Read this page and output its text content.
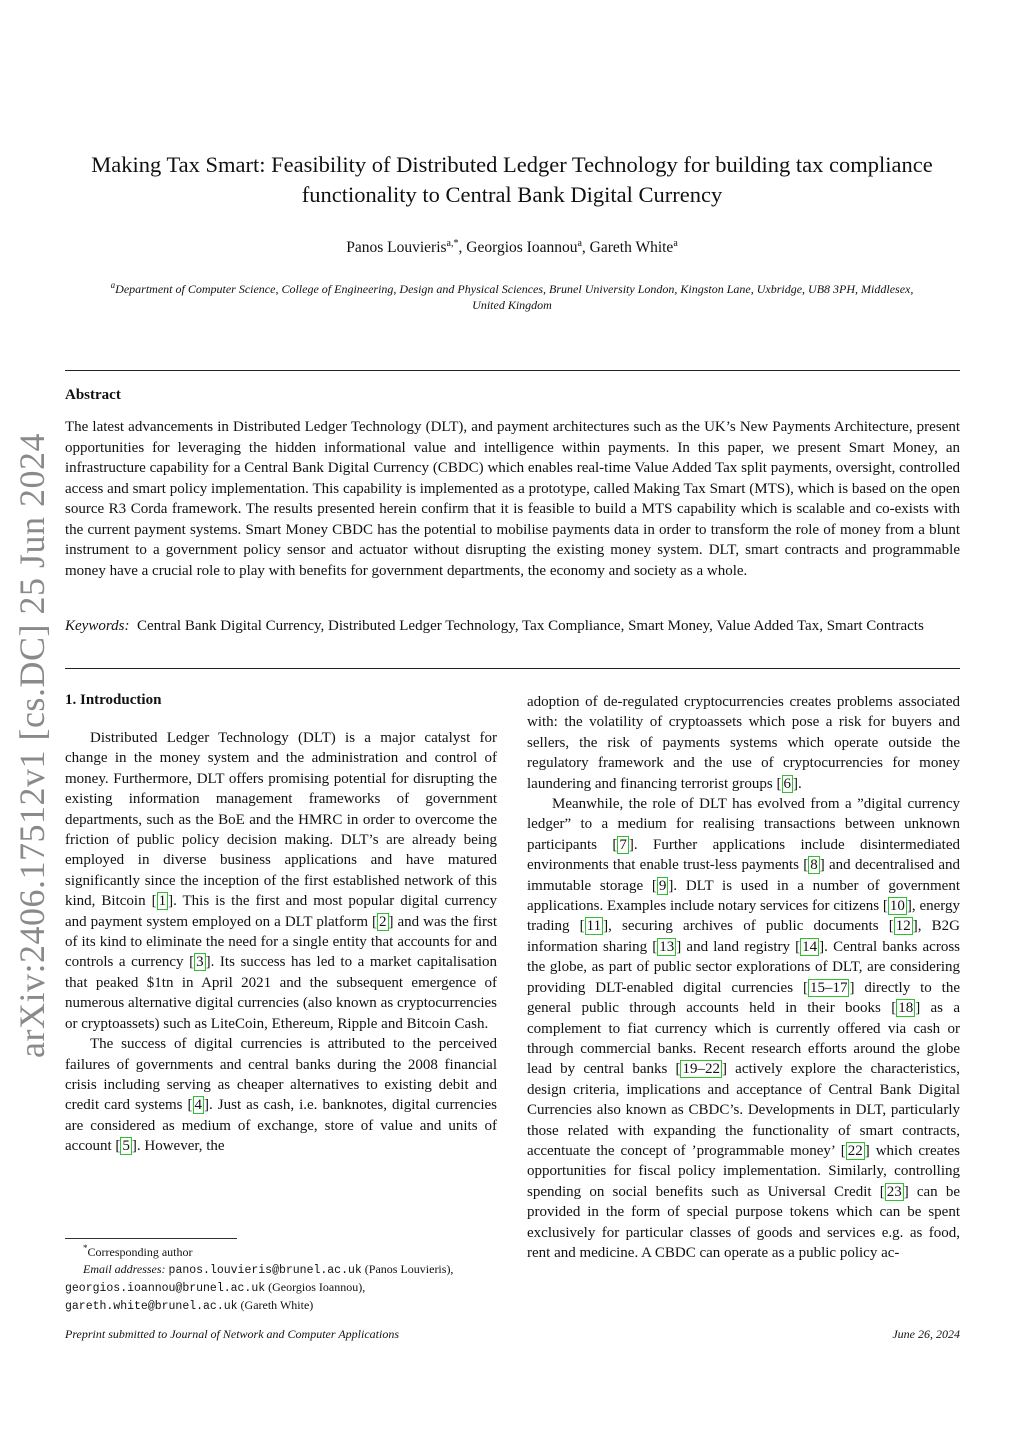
arXiv:2406.17512v1 [cs.DC] 25 Jun 2024
Making Tax Smart: Feasibility of Distributed Ledger Technology for building tax compliance functionality to Central Bank Digital Currency
Panos Louvieris$^{a,*}$, Georgios Ioannou$^a$, Gareth White$^a$
$^a$Department of Computer Science, College of Engineering, Design and Physical Sciences, Brunel University London, Kingston Lane, Uxbridge, UB8 3PH, Middlesex, United Kingdom
Abstract
The latest advancements in Distributed Ledger Technology (DLT), and payment architectures such as the UK’s New Payments Architecture, present opportunities for leveraging the hidden informational value and intelligence within payments. In this paper, we present Smart Money, an infrastructure capability for a Central Bank Digital Currency (CBDC) which enables real-time Value Added Tax split payments, oversight, controlled access and smart policy implementation. This capability is implemented as a prototype, called Making Tax Smart (MTS), which is based on the open source R3 Corda framework. The results presented herein confirm that it is feasible to build a MTS capability which is scalable and co-exists with the current payment systems. Smart Money CBDC has the potential to mobilise payments data in order to transform the role of money from a blunt instrument to a government policy sensor and actuator without disrupting the existing money system. DLT, smart contracts and programmable money have a crucial role to play with benefits for government departments, the economy and society as a whole.
Keywords: Central Bank Digital Currency, Distributed Ledger Technology, Tax Compliance, Smart Money, Value Added Tax, Smart Contracts
1. Introduction

Distributed Ledger Technology (DLT) is a major catalyst for change in the money system and the administration and control of money. Furthermore, DLT offers promising potential for disrupting the existing information management frameworks of government departments, such as the BoE and the HMRC in order to overcome the friction of public policy decision making. DLT’s are already being employed in diverse business applications and have matured significantly since the inception of the first established network of this kind, Bitcoin [ 1 ]. This is the first and most popular digital currency and payment system employed on a DLT platform [ 2 ] and was the first of its kind to eliminate the need for a single entity that accounts for and controls a currency [ 3 ]. Its success has led to a market capitalisation that peaked $1tn in April 2021 and the subsequent emergence of numerous alternative digital currencies (also known as cryptocurrencies or cryptoassets) such as LiteCoin, Ethereum, Ripple and Bitcoin Cash.

The success of digital currencies is attributed to the perceived failures of governments and central banks during the 2008 financial crisis including serving as cheaper alternatives to existing debit and credit card systems [ 4 ]. Just as cash, i.e. banknotes, digital currencies are considered as medium of exchange, store of value and units of account [ 5 ]. However, the

adoption of de-regulated cryptocurrencies creates problems associated with: the volatility of cryptoassets which pose a risk for buyers and sellers, the risk of payments systems which operate outside the regulatory framework and the use of cryptocurrencies for money laundering and financing terrorist groups [ 6 ].

Meanwhile, the role of DLT has evolved from a ”digital currency ledger” to a medium for realising transactions between unknown participants [ 7 ]. Further applications include disintermediated environments that enable trust-less payments [ 8 ] and decentralised and immutable storage [ 9 ]. DLT is used in a number of government applications. Examples include notary services for citizens [ 10 ], energy trading [ 11 ], securing archives of public documents [ 12 ], B2G information sharing [ 13 ] and land registry [ 14 ]. Central banks across the globe, as part of public sector explorations of DLT, are considering providing DLT-enabled digital currencies [ 15–17 ] directly to the general public through accounts held in their books [ 18 ] as a complement to fiat currency which is currently offered via cash or through commercial banks. Recent research efforts around the globe lead by central banks [ 19–22 ] actively explore the characteristics, design criteria, implications and acceptance of Central Bank Digital Currencies also known as CBDC’s. Developments in DLT, particularly those related with expanding the functionality of smart contracts, accentuate the concept of ’programmable money’ [ 22 ] which creates opportunities for fiscal policy implementation. Similarly, controlling spending on social benefits such as Universal Credit [ 23 ] can be provided in the form of special purpose tokens which can be spent exclusively for particular classes of goods and services e.g. as food, rent and medicine. A CBDC can operate as a public policy ac-

*Corresponding author
Email addresses: panos.louvieris@brunel.ac.uk (Panos Louvieris),
georgios.ioannou@brunel.ac.uk (Georgios Ioannou),
gareth.white@brunel.ac.uk (Gareth White)
Preprint submitted to Journal of Network and Computer Applications	June 26, 2024
